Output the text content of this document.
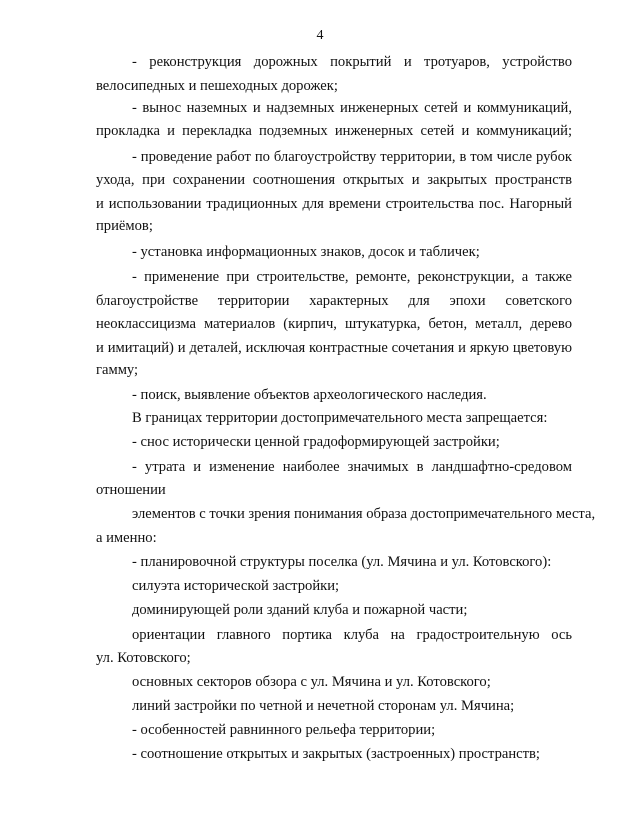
4
- реконструкция дорожных покрытий и тротуаров, устройство
велосипедных и пешеходных дорожек;
- вынос наземных и надземных инженерных сетей и коммуникаций,
прокладка и перекладка подземных инженерных сетей и коммуникаций;
- проведение работ по благоустройству территории, в том числе рубок
ухода, при сохранении соотношения открытых и закрытых пространств
и использовании традиционных для времени строительства пос. Нагорный
приёмов;
- установка информационных знаков, досок и табличек;
- применение при строительстве, ремонте, реконструкции, а также
благоустройстве территории характерных для эпохи советского
неоклассицизма материалов (кирпич, штукатурка, бетон, металл, дерево
и имитаций) и деталей, исключая контрастные сочетания и яркую цветовую
гамму;
- поиск, выявление объектов археологического наследия.
В границах территории достопримечательного места запрещается:
- снос исторически ценной градоформирующей застройки;
- утрата и изменение наиболее значимых в ландшафтно-средовом
отношении
элементов с точки зрения понимания образа достопримечательного места,
а именно:
- планировочной структуры поселка (ул. Мячина и ул. Котовского):
силуэта исторической застройки;
доминирующей роли зданий клуба и пожарной части;
ориентации главного портика клуба на градостроительную ось
ул. Котовского;
основных секторов обзора с ул. Мячина и ул. Котовского;
линий застройки по четной и нечетной сторонам ул. Мячина;
- особенностей равнинного рельефа территории;
- соотношение открытых и закрытых (застроенных) пространств;
